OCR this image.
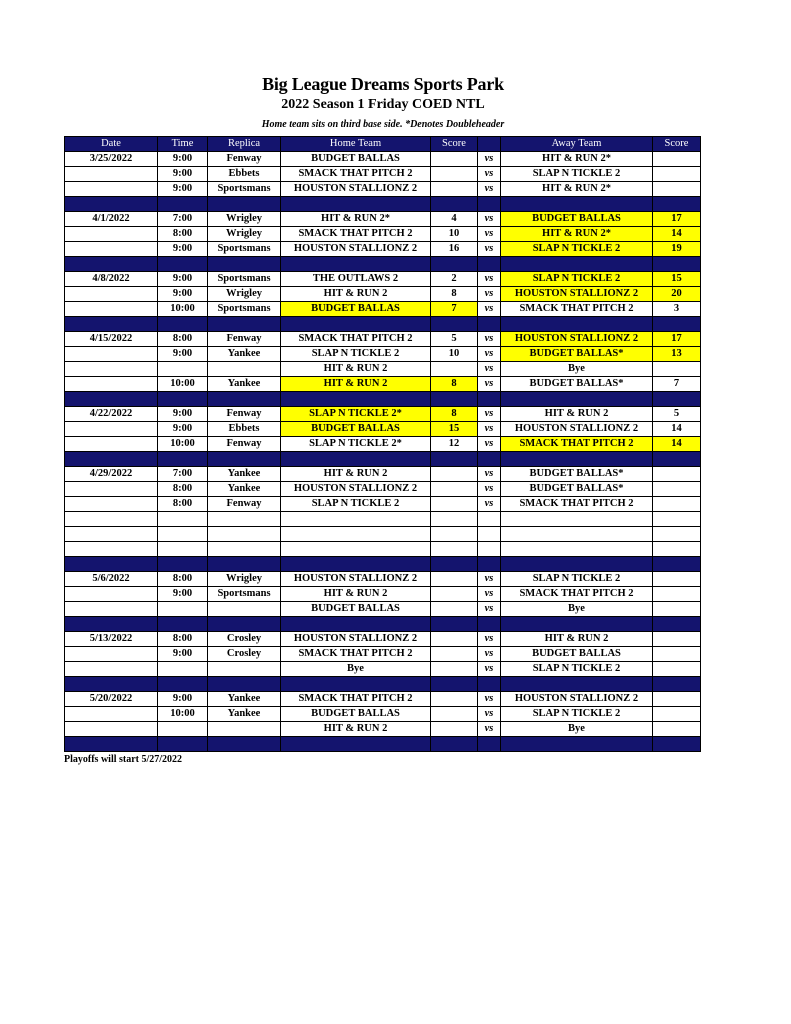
Big League Dreams Sports Park
2022 Season 1 Friday COED NTL
Home team sits on third base side. *Denotes Doubleheader
Date	Time	Replica	Home Team	Score		Away Team	Score
3/25/2022	9:00	Fenway	BUDGET BALLAS		vs	HIT & RUN 2*	
	9:00	Ebbets	SMACK THAT PITCH 2		vs	SLAP N TICKLE 2	
	9:00	Sportsmans	HOUSTON STALLIONZ 2		vs	HIT & RUN 2*	

4/1/2022	7:00	Wrigley	HIT & RUN 2*	4	vs	BUDGET BALLAS	17
	8:00	Wrigley	SMACK THAT PITCH 2	10	vs	HIT & RUN 2*	14
	9:00	Sportsmans	HOUSTON STALLIONZ 2	16	vs	SLAP N TICKLE 2	19

4/8/2022	9:00	Sportsmans	THE OUTLAWS 2	2	vs	SLAP N TICKLE 2	15
	9:00	Wrigley	HIT & RUN 2	8	vs	HOUSTON STALLIONZ 2	20
	10:00	Sportsmans	BUDGET BALLAS	7	vs	SMACK THAT PITCH 2	3

4/15/2022	8:00	Fenway	SMACK THAT PITCH 2	5	vs	HOUSTON STALLIONZ 2	17
	9:00	Yankee	SLAP N TICKLE 2	10	vs	BUDGET BALLAS*	13
			HIT & RUN 2		vs	Bye	
	10:00	Yankee	HIT & RUN 2	8	vs	BUDGET BALLAS*	7

4/22/2022	9:00	Fenway	SLAP N TICKLE 2*	8	vs	HIT & RUN 2	5
	9:00	Ebbets	BUDGET BALLAS	15	vs	HOUSTON STALLIONZ 2	14
	10:00	Fenway	SLAP N TICKLE 2*	12	vs	SMACK THAT PITCH 2	14

4/29/2022	7:00	Yankee	HIT & RUN 2		vs	BUDGET BALLAS*	
	8:00	Yankee	HOUSTON STALLIONZ 2		vs	BUDGET BALLAS*	
	8:00	Fenway	SLAP N TICKLE 2		vs	SMACK THAT PITCH 2	

5/6/2022	8:00	Wrigley	HOUSTON STALLIONZ 2		vs	SLAP N TICKLE 2	
	9:00	Sportsmans	HIT & RUN 2		vs	SMACK THAT PITCH 2	
			BUDGET BALLAS		vs	Bye	

5/13/2022	8:00	Crosley	HOUSTON STALLIONZ 2		vs	HIT & RUN 2	
	9:00	Crosley	SMACK THAT PITCH 2		vs	BUDGET BALLAS	
			Bye		vs	SLAP N TICKLE 2	

5/20/2022	9:00	Yankee	SMACK THAT PITCH 2		vs	HOUSTON STALLIONZ 2	
	10:00	Yankee	BUDGET BALLAS		vs	SLAP N TICKLE 2	
			HIT & RUN 2		vs	Bye	

Playoffs will start 5/27/2022
